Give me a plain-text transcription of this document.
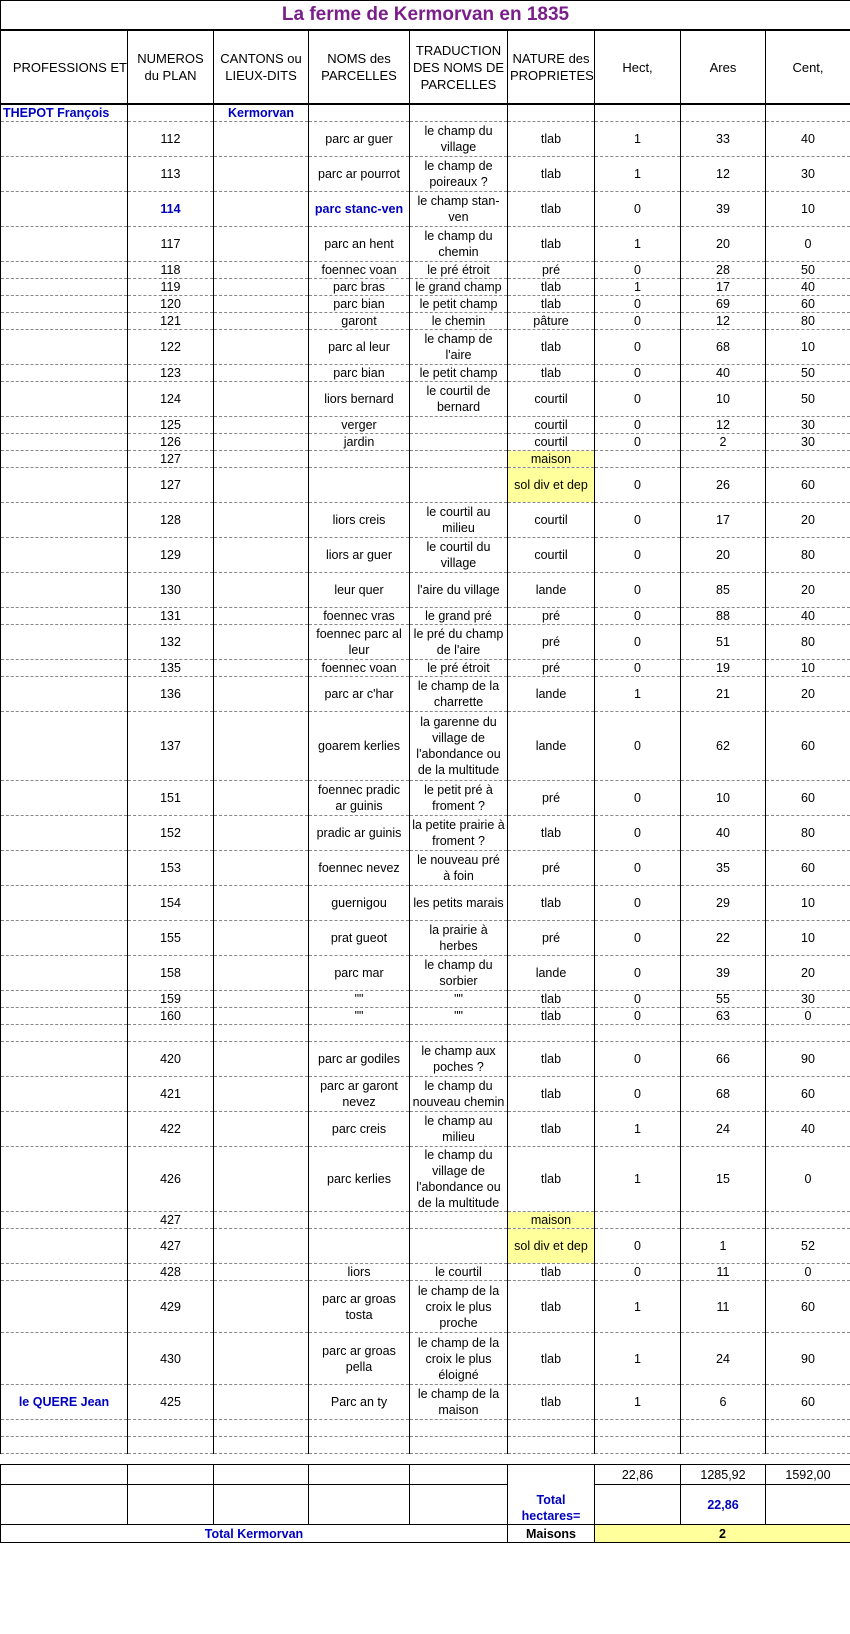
La ferme de Kermorvan en 1835
PROFESSIONS ET	NUMEROS du PLAN	CANTONS ou LIEUX-DITS	NOMS des PARCELLES	TRADUCTION DES NOMS DE PARCELLES	NATURE des PROPRIETES	Hect,	Ares	Cent,
THEPOT François		Kermorvan						
	112		parc ar guer	le champ du village	tlab	1	33	40
	113		parc ar pourrot	le champ de poireaux ?	tlab	1	12	30
	114		parc stanc-ven	le champ stan-ven	tlab	0	39	10
	117		parc an hent	le champ du chemin	tlab	1	20	0
	118		foennec voan	le pré étroit	pré	0	28	50
	119		parc bras	le grand champ	tlab	1	17	40
	120		parc bian	le petit champ	tlab	0	69	60
	121		garont	le chemin	pâture	0	12	80
	122		parc al leur	le champ de l'aire	tlab	0	68	10
	123		parc bian	le petit champ	tlab	0	40	50
	124		liors bernard	le courtil de bernard	courtil	0	10	50
	125		verger		courtil	0	12	30
	126		jardin		courtil	0	2	30
	127				maison			
	127				sol div et dep	0	26	60
	128		liors creis	le courtil au milieu	courtil	0	17	20
	129		liors ar guer	le courtil du village	courtil	0	20	80
	130		leur quer	l'aire du village	lande	0	85	20
	131		foennec vras	le grand pré	pré	0	88	40
	132		foennec parc al leur	le pré du champ de l'aire	pré	0	51	80
	135		foennec voan	le pré étroit	pré	0	19	10
	136		parc ar c'har	le champ de la charrette	lande	1	21	20
	137		goarem kerlies	la garenne du village de l'abondance ou de la multitude	lande	0	62	60
	151		foennec pradic ar guinis	le petit pré à froment ?	pré	0	10	60
	152		pradic ar guinis	la petite prairie à froment ?	tlab	0	40	80
	153		foennec nevez	le nouveau pré à foin	pré	0	35	60
	154		guernigou	les petits marais	tlab	0	29	10
	155		prat gueot	la prairie à herbes	pré	0	22	10
	158		parc mar	le champ du sorbier	lande	0	39	20
	159		""	""	tlab	0	55	30
	160		""	""	tlab	0	63	0

	420		parc ar godiles	le champ aux poches ?	tlab	0	66	90
	421		parc ar garont nevez	le champ du nouveau chemin	tlab	0	68	60
	422		parc creis	le champ au milieu	tlab	1	24	40
	426		parc kerlies	le champ du village de l'abondance ou de la multitude	tlab	1	15	0
	427				maison			
	427				sol div et dep	0	1	52
	428		liors	le courtil	tlab	0	11	0
	429		parc ar groas tosta	le champ de la croix le plus proche	tlab	1	11	60
	430		parc ar groas pella	le champ de la croix le plus éloigné	tlab	1	24	90
le QUERE Jean	425		Parc an ty	le champ de la maison	tlab	1	6	60

					Total hectares=	22,86	1285,92	1592,00
							22,86	
Total Kermorvan					Maisons	2		
